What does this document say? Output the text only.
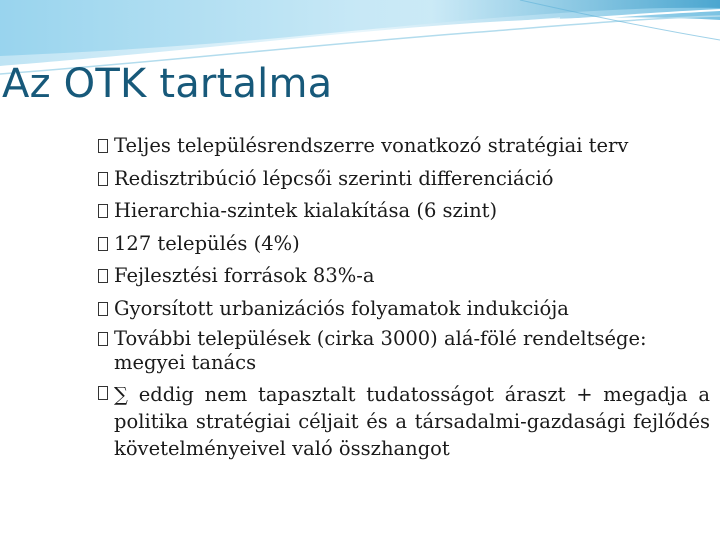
Az OTK tartalma
Teljes településrendszerre vonatkozó stratégiai terv
Redisztribúció lépcsői szerinti differenciáció
Hierarchia-szintek kialakítása (6 szint)
127 település (4%)
Fejlesztési források 83%-a
Gyorsított urbanizációs folyamatok indukciója
További települések (cirka 3000) alá-fölé rendeltsége: megyei tanács
∑ eddig nem tapasztalt tudatosságot áraszt + megadja a politika stratégiai céljait és a társadalmi-gazdasági fejlődés követelményeivel való összhangot
